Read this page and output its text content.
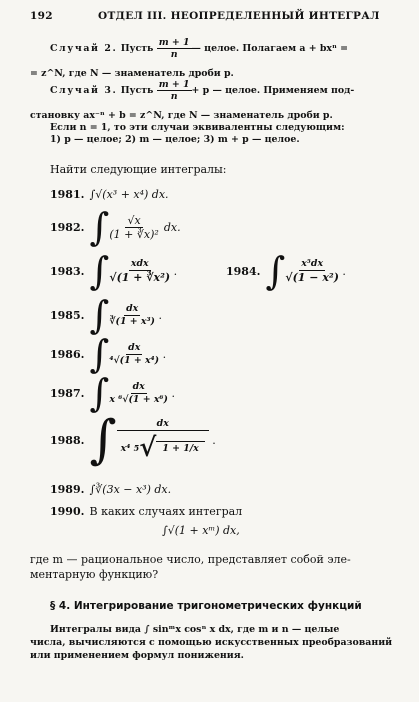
192	ОТДЕЛ III. НЕОПРЕДЕЛЕННЫЙ ИНТЕГРАЛ
Случай 2.
Пусть
$\frac{m + 1}{n}$ — целое. Полагаем a + bxⁿ =
= z^N, где N — знаменатель дроби p.
Случай 3.
Пусть
$\frac{m + 1}{n} + p$ — целое. Применяем под-
становку ax⁻ⁿ + b = z^N, где N — знаменатель дроби p.
Если n = 1, то эти случаи эквивалентны следующим:
1) p — целое; 2) m — целое; 3) m + p — целое.
Найти следующие интегралы:
1981.
∫√(x³ + x⁴) dx.
1982.
∫ $\frac{√x}{\text{(1 + ∛x)²}}$
dx.
1983.
∫ $\frac{\text{xdx}}{\text{√(1 + ∛x²)}}$ .	1984.
∫ $\frac{\text{x⁵dx}}{\text{√(1 − x²)}}$ .
1985.
∫ $\frac{dx}{\text{∛(1 + x³)}}$ .
1986.
∫ $\frac{dx}{\text{⁴√(1 + x⁴)}}$ .
1987.
∫ $\frac{dx}{\text{x ⁶√(1 + x⁶)}}$ .
1988.
∫ dx
x⁴
5 √ 1 + 1/x .
1989.
∫∛(3x − x³) dx.
1990.
В каких случаях интеграл
∫√(1 + xᵐ) dx,
где m — рациональное число, представляет собой эле-
ментарную функцию?
§ 4. Интегрирование тригонометрических функций
Интегралы вида ∫ sinᵐx cosⁿ x dx, где m и n — целые
числа, вычисляются с помощью искусственных преобразований
или применением формул понижения.
